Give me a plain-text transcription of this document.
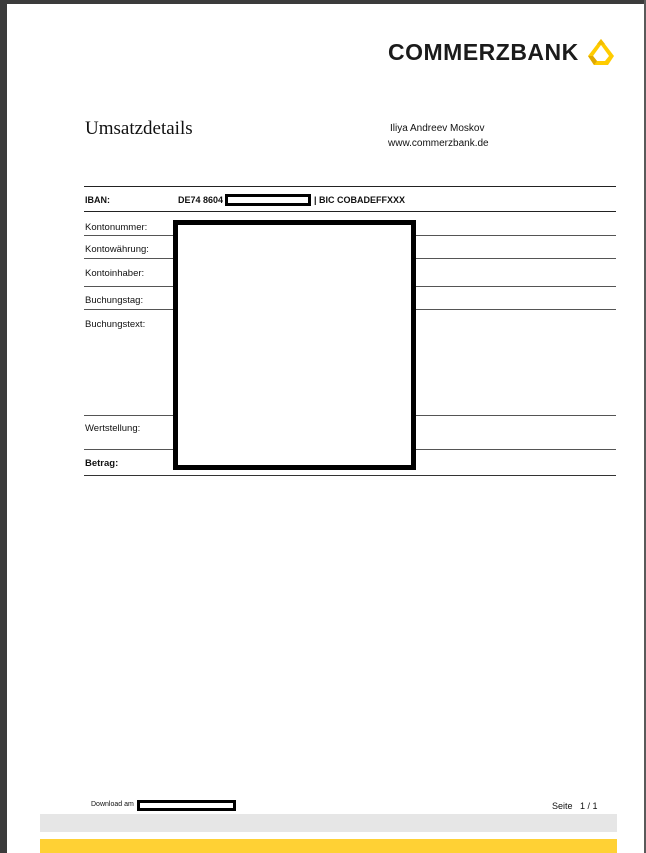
COMMERZBANK
Umsatzdetails	Iliya Andreev Moskov
www.commerzbank.de
IBAN:	DE74 8604	| BIC COBADEFFXXX
Kontonummer:
Kontowährung:
Kontoinhaber:
Buchungstag:
Buchungstext:
Wertstellung:
Betrag:
Download am	Seite 1 / 1
